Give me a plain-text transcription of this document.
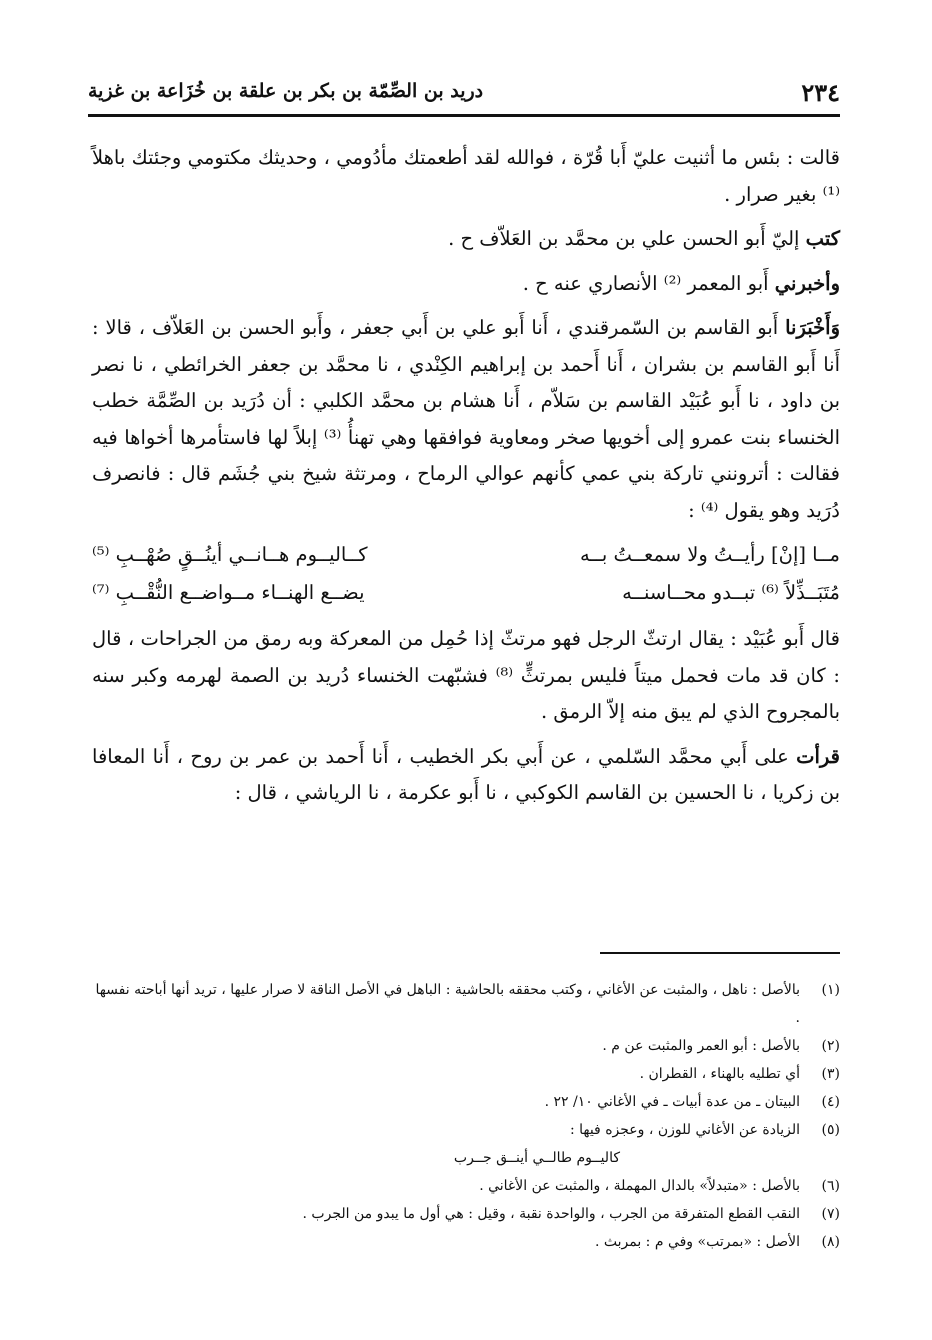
٢٣٤
دريد بن الصِّمّة بن بكر بن علقة بن خُزَاعة بن غزية

قالت : بئس ما أثنيت عليّ أَبا قُرّة ، فوالله لقد أطعمتك مأدُومي ، وحديثك مكتومي وجئتك باهلاً ⁽¹⁾ بغير صرار .

كتب إليّ أَبو الحسن علي بن محمَّد بن العَلاّف ح .

وأخبرني أَبو المعمر ⁽²⁾ الأنصاري عنه ح .

وَأَخْبَرَنا أَبو القاسم بن السّمرقندي ، أَنا أَبو علي بن أَبي جعفر ، وأَبو الحسن بن العَلاّف ، قالا : أَنا أَبو القاسم بن بشران ، أَنا أَحمد بن إبراهيم الكِنْدي ، نا محمَّد بن جعفر الخرائطي ، نا نصر بن داود ، نا أَبو عُبَيْد القاسم بن سَلاّم ، أَنا هشام بن محمَّد الكلبي : أن دُرَيد بن الصِّمَّة خطب الخنساء بنت عمرو إلى أخويها صخر ومعاوية فوافقها وهي تهنأُ ⁽³⁾ إبلاً لها فاستأمرها أخواها فيه فقالت : أترونني تاركة بني عمي كأنهم عوالي الرماح ، ومرتثة شيخ بني جُشَم قال : فانصرف دُرَيد وهو يقول ⁽⁴⁾ :

مــا [إنْ] رأيــتُ ولا سمعــتُ بــه
كــاليــوم هــانــي أينُــقٍ صُهْــبِ ⁽⁵⁾
مُتَبَــذِّلاً ⁽⁶⁾ تبــدو محــاسنــه
يضــع الهنــاء مــواضــع النُّقْــبِ ⁽⁷⁾

قال أَبو عُبَيْد : يقال ارتثّ الرجل فهو مرتثّ إذا حُمِل من المعركة وبه رمق من الجراحات ، قال : كان قد مات فحمل ميتاً فليس بمرتثٍّ ⁽⁸⁾ فشبّهت الخنساء دُريد بن الصمة لهرمه وكبر سنه بالمجروح الذي لم يبق منه إلاّ الرمق .

قرأت على أَبي محمَّد السّلمي ، عن أَبي بكر الخطيب ، أَنا أَحمد بن عمر بن روح ، أَنا المعافا بن زكريا ، نا الحسين بن القاسم الكوكبي ، نا أَبو عكرمة ، نا الرياشي ، قال :

(١)
بالأصل : ناهل ، والمثبت عن الأغاني ، وكتب محققه بالحاشية : الباهل في الأصل الناقة لا صرار عليها ، تريد أنها أباحته نفسها .
(٢)
بالأصل : أبو العمر والمثبت عن م .
(٣)
أي تطليه بالهناء ، القطران .
(٤)
البيتان ـ من عدة أبيات ـ في الأغاني ١٠/ ٢٢ .
(٥)
الزيادة عن الأغاني للوزن ، وعجزه فيها :
كاليــوم طالــي أينــق جــرب
(٦)
بالأصل : «متبدلاً» بالدال المهملة ، والمثبت عن الأغاني .
(٧)
النقب القطع المتفرقة من الجرب ، والواحدة نقبة ، وقيل : هي أول ما يبدو من الجرب .
(٨)
الأصل : «بمرتب» وفي م : بمربث .
